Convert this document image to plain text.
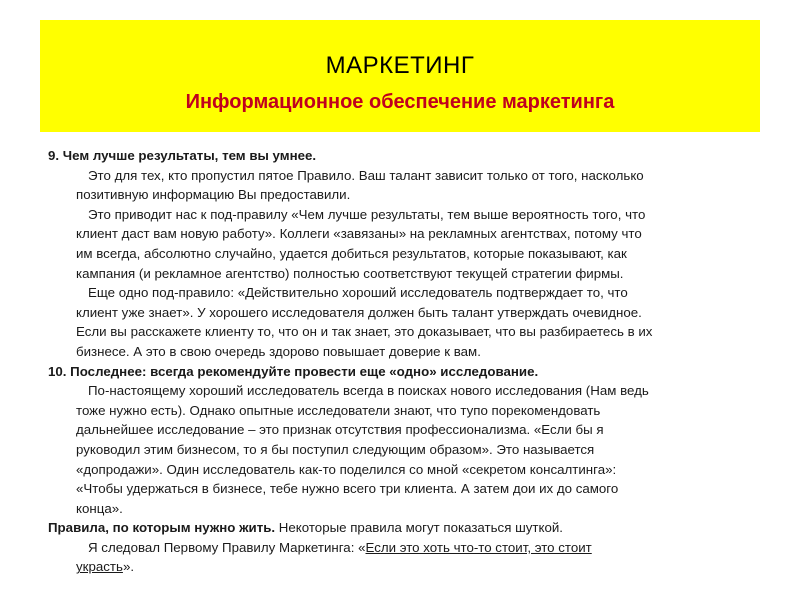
МАРКЕТИНГ
Информационное обеспечение маркетинга

9. Чем лучше результаты, тем вы умнее.

Это для тех, кто пропустил пятое Правило. Ваш талант зависит только от того, насколько

позитивную информацию Вы предоставили.

Это приводит нас к под-правилу «Чем лучше результаты, тем выше вероятность того, что

клиент даст вам новую работу». Коллеги «завязаны» на рекламных агентствах, потому что

им всегда, абсолютно случайно, удается добиться результатов, которые показывают, как

кампания (и рекламное агентство) полностью соответствуют текущей стратегии фирмы.

Еще одно под-правило: «Действительно хороший исследователь подтверждает то, что

клиент уже знает». У хорошего исследователя должен быть талант утверждать очевидное.

Если вы расскажете клиенту то, что он и так знает, это доказывает, что вы разбираетесь в их

бизнесе. А это в свою очередь здорово повышает доверие к вам.

10. Последнее: всегда рекомендуйте провести еще «одно» исследование.

По-настоящему хороший исследователь всегда в поисках нового исследования (Нам ведь

тоже нужно есть). Однако опытные исследователи знают, что тупо порекомендовать

дальнейшее исследование – это признак отсутствия профессионализма. «Если бы я

руководил этим бизнесом, то я бы поступил следующим образом». Это называется

«допродажи». Один исследователь как-то поделился со мной «секретом консалтинга»:

«Чтобы удержаться в бизнесе, тебе нужно всего три клиента. А затем дои их до самого

конца».

Правила, по которым нужно жить. Некоторые правила могут показаться шуткой.

Я следовал Первому Правилу Маркетинга: «Если это хоть что-то стоит, это стоит

украсть».
